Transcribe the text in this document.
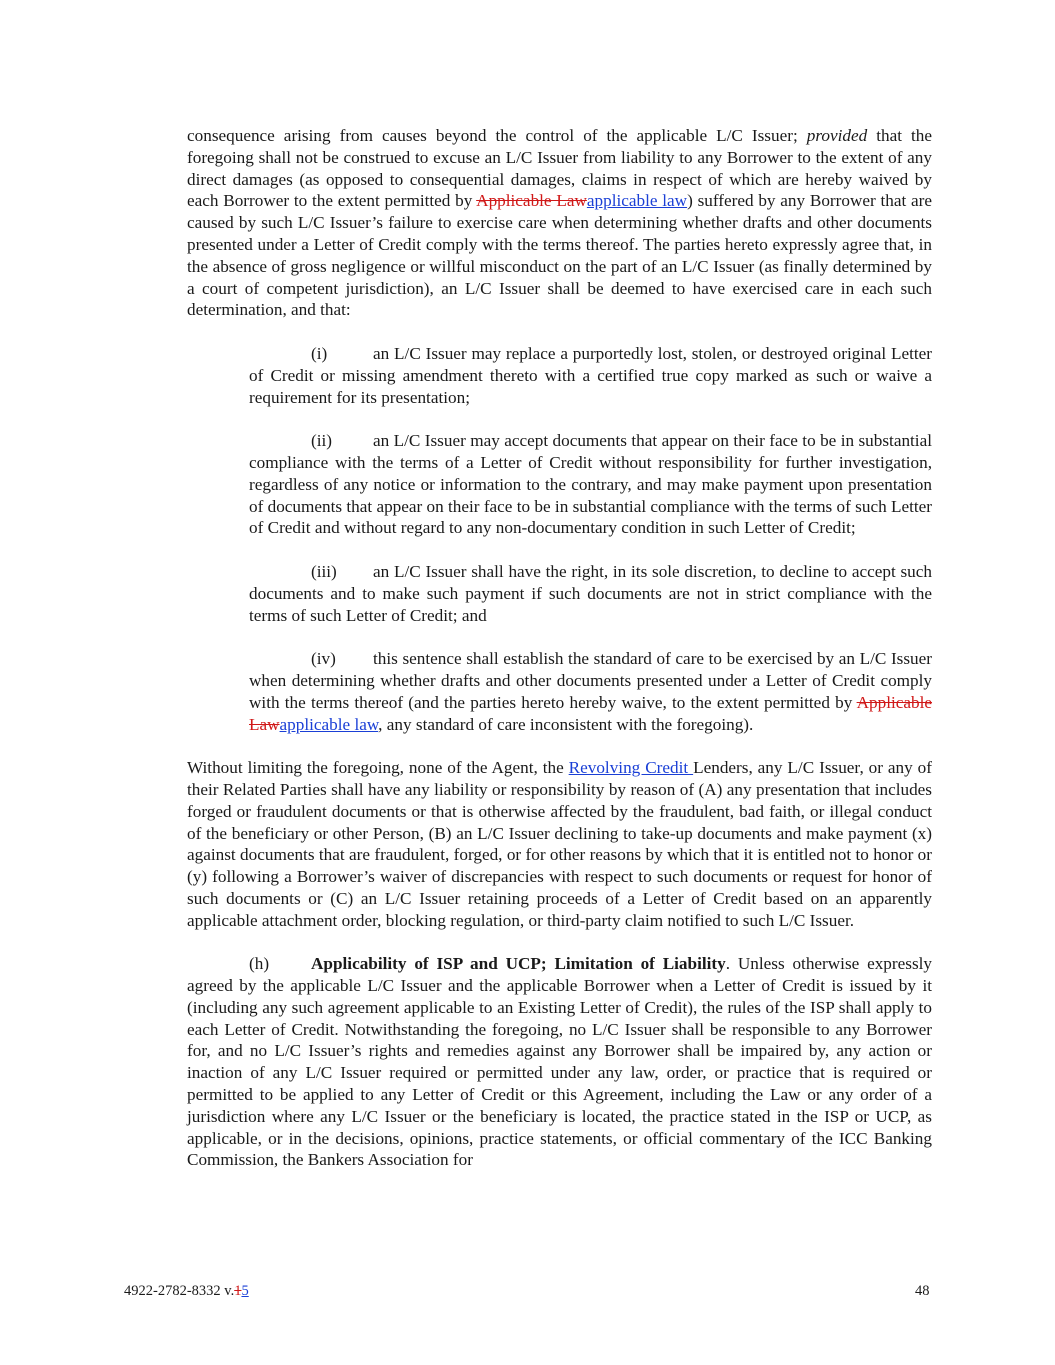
consequence arising from causes beyond the control of the applicable L/C Issuer; provided that the foregoing shall not be construed to excuse an L/C Issuer from liability to any Borrower to the extent of any direct damages (as opposed to consequential damages, claims in respect of which are hereby waived by each Borrower to the extent permitted by Applicable Lawapplicable law) suffered by any Borrower that are caused by such L/C Issuer’s failure to exercise care when determining whether drafts and other documents presented under a Letter of Credit comply with the terms thereof. The parties hereto expressly agree that, in the absence of gross negligence or willful misconduct on the part of an L/C Issuer (as finally determined by a court of competent jurisdiction), an L/C Issuer shall be deemed to have exercised care in each such determination, and that:

(i)	an L/C Issuer may replace a purportedly lost, stolen, or destroyed original Letter of Credit or missing amendment thereto with a certified true copy marked as such or waive a requirement for its presentation;

(ii) an L/C Issuer may accept documents that appear on their face to be in substantial compliance with the terms of a Letter of Credit without responsibility for further investigation, regardless of any notice or information to the contrary, and may make payment upon presentation of documents that appear on their face to be in substantial compliance with the terms of such Letter of Credit and without regard to any non-documentary condition in such Letter of Credit;

(iii) an L/C Issuer shall have the right, in its sole discretion, to decline to accept such documents and to make such payment if such documents are not in strict compliance with the terms of such Letter of Credit; and

(iv) this sentence shall establish the standard of care to be exercised by an L/C Issuer when determining whether drafts and other documents presented under a Letter of Credit comply with the terms thereof (and the parties hereto hereby waive, to the extent permitted by Applicable Lawapplicable law, any standard of care inconsistent with the foregoing).

Without limiting the foregoing, none of the Agent, the Revolving Credit Lenders, any L/C Issuer, or any of their Related Parties shall have any liability or responsibility by reason of (A) any presentation that includes forged or fraudulent documents or that is otherwise affected by the fraudulent, bad faith, or illegal conduct of the beneficiary or other Person, (B) an L/C Issuer declining to take-up documents and make payment (x) against documents that are fraudulent, forged, or for other reasons by which that it is entitled not to honor or (y) following a Borrower’s waiver of discrepancies with respect to such documents or request for honor of such documents or (C) an L/C Issuer retaining proceeds of a Letter of Credit based on an apparently applicable attachment order, blocking regulation, or third-party claim notified to such L/C Issuer.

(h) Applicability of ISP and UCP; Limitation of Liability. Unless otherwise expressly agreed by the applicable L/C Issuer and the applicable Borrower when a Letter of Credit is issued by it (including any such agreement applicable to an Existing Letter of Credit), the rules of the ISP shall apply to each Letter of Credit. Notwithstanding the foregoing, no L/C Issuer shall be responsible to any Borrower for, and no L/C Issuer’s rights and remedies against any Borrower shall be impaired by, any action or inaction of any L/C Issuer required or permitted under any law, order, or practice that is required or permitted to be applied to any Letter of Credit or this Agreement, including the Law or any order of a jurisdiction where any L/C Issuer or the beneficiary is located, the practice stated in the ISP or UCP, as applicable, or in the decisions, opinions, practice statements, or official commentary of the ICC Banking Commission, the Bankers Association for

4922-2782-8332 v.15	48
